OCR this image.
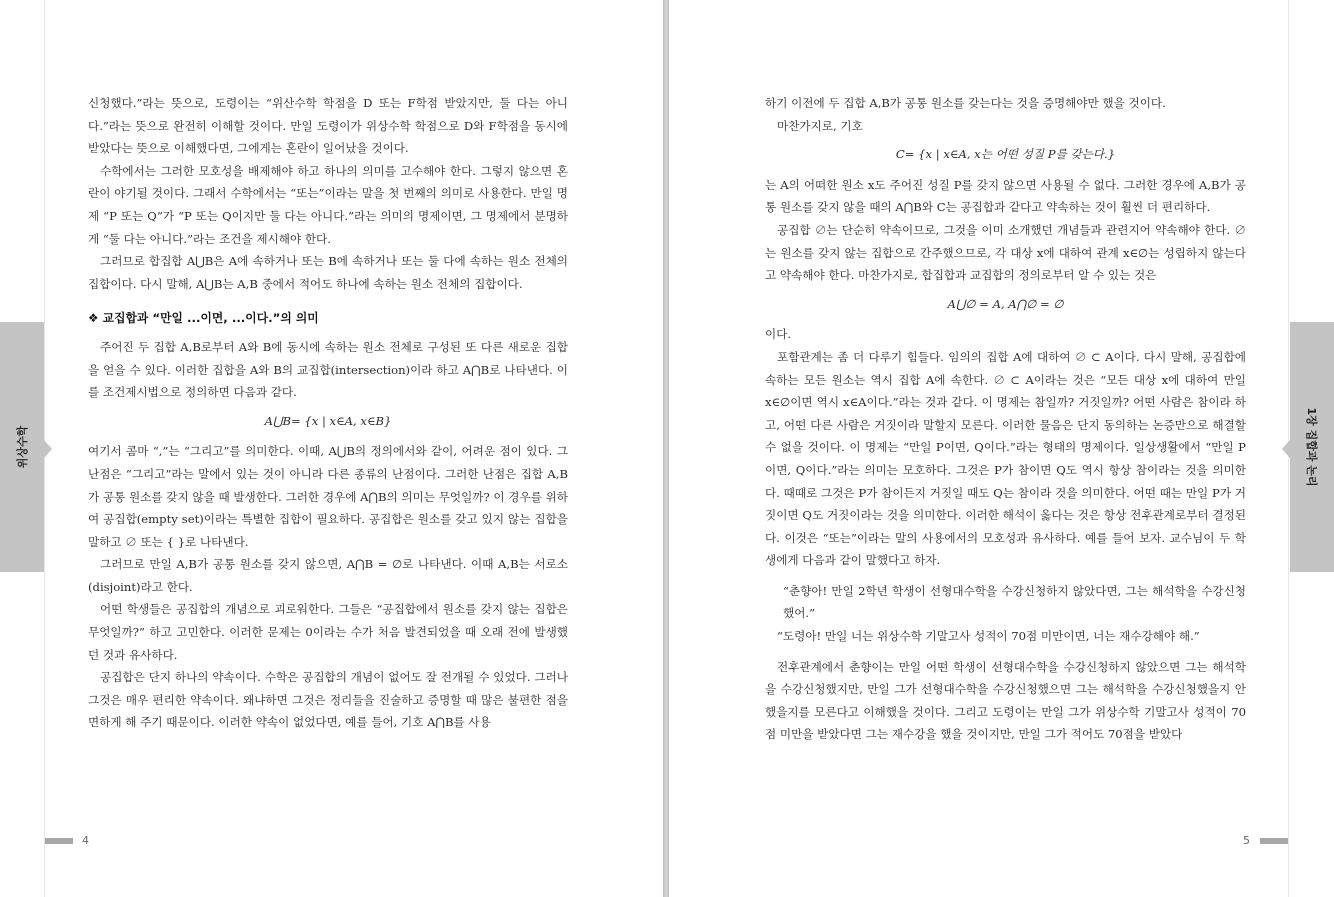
위상수학	1장 집합과 논리

신청했다.”라는 뜻으로, 도령이는 “위산수학 학점을 D 또는 F학점 받았지만, 둘 다는 아니다.”라는 뜻으로 완전히 이해할 것이다. 만일 도령이가 위상수학 학점으로 D와 F학점을 동시에 받았다는 뜻으로 이해했다면, 그에게는 혼란이 일어났을 것이다.

수학에서는 그러한 모호성을 배제해야 하고 하나의 의미를 고수해야 한다. 그렇지 않으면 혼란이 야기될 것이다. 그래서 수학에서는 “또는”이라는 말을 첫 번째의 의미로 사용한다. 만일 명제 “P 또는 Q”가 “P 또는 Q이지만 둘 다는 아니다.”라는 의미의 명제이면, 그 명제에서 분명하게 “둘 다는 아니다.”라는 조건을 제시해야 한다.

그러므로 합집합 A⋃B은 A에 속하거나 또는 B에 속하거나 또는 둘 다에 속하는 원소 전체의 집합이다. 다시 말해, A⋃B는 A,B 중에서 적어도 하나에 속하는 원소 전체의 집합이다.

❖ 교집합과 “만일 ...이면, ...이다.”의 의미

주어진 두 집합 A,B로부터 A와 B에 동시에 속하는 원소 전체로 구성된 또 다른 새로운 집합을 얻을 수 있다. 이러한 집합을 A와 B의 교집합(intersection)이라 하고 A⋂B로 나타낸다. 이를 조건제시법으로 정의하면 다음과 같다.

A⋃B= {x | x∈A, x∈B}

여기서 콤마 “,”는 “그리고”를 의미한다. 이때, A⋃B의 정의에서와 같이, 어려운 점이 있다. 그 난점은 “그리고”라는 말에서 있는 것이 아니라 다른 종류의 난점이다. 그러한 난점은 집합 A,B가 공통 원소를 갖지 않을 때 발생한다. 그러한 경우에 A⋂B의 의미는 무엇일까? 이 경우를 위하여 공집합(empty set)이라는 특별한 집합이 필요하다. 공집합은 원소를 갖고 있지 않는 집합을 말하고 ∅ 또는 { }로 나타낸다.

그러므로 만일 A,B가 공통 원소를 갖지 않으면, A⋂B = ∅로 나타낸다. 이때 A,B는 서로소(disjoint)라고 한다.

어떤 학생들은 공집합의 개념으로 괴로워한다. 그들은 “공집합에서 원소를 갖지 않는 집합은 무엇일까?” 하고 고민한다. 이러한 문제는 0이라는 수가 처음 발견되었을 때 오래 전에 발생했던 것과 유사하다.

공집합은 단지 하나의 약속이다. 수학은 공집합의 개념이 없어도 잘 전개될 수 있었다. 그러나 그것은 매우 편리한 약속이다. 왜냐하면 그것은 정리들을 진술하고 증명할 때 많은 불편한 점을 면하게 해 주기 때문이다. 이러한 약속이 없었다면, 예를 들어, 기호 A⋂B를 사용

하기 이전에 두 집합 A,B가 공통 원소를 갖는다는 것을 증명해야만 했을 것이다.

마찬가지로, 기호

C= {x | x∈A, x는 어떤 성질 P를 갖는다.}

는 A의 어떠한 원소 x도 주어진 성질 P를 갖지 않으면 사용될 수 없다. 그러한 경우에 A,B가 공통 원소를 갖지 않을 때의 A⋂B와 C는 공집합과 같다고 약속하는 것이 훨씬 더 편리하다.

공집합 ∅는 단순히 약속이므로, 그것을 이미 소개했던 개념들과 관련지어 약속해야 한다. ∅는 원소를 갖지 않는 집합으로 간주했으므로, 각 대상 x에 대하여 관계 x∈∅는 성립하지 않는다고 약속해야 한다. 마찬가지로, 합집합과 교집합의 정의로부터 알 수 있는 것은

A⋃∅ = A, A⋂∅ = ∅

이다.

포함관계는 좀 더 다루기 힘들다. 임의의 집합 A에 대하여 ∅ ⊂ A이다. 다시 말해, 공집합에 속하는 모든 원소는 역시 집합 A에 속한다. ∅ ⊂ A이라는 것은 “모든 대상 x에 대하여 만일 x∈∅이면 역시 x∈A이다.”라는 것과 같다. 이 명제는 참일까? 거짓일까? 어떤 사람은 참이라 하고, 어떤 다른 사람은 거짓이라 말할지 모른다. 이러한 물음은 단지 동의하는 논증만으로 해결할 수 없을 것이다. 이 명제는 “만일 P이면, Q이다.”라는 형태의 명제이다. 일상생활에서 “만일 P이면, Q이다.”라는 의미는 모호하다. 그것은 P가 참이면 Q도 역시 항상 참이라는 것을 의미한다. 때때로 그것은 P가 참이든지 거짓일 때도 Q는 참이라 것을 의미한다. 어떤 때는 만일 P가 거짓이면 Q도 거짓이라는 것을 의미한다. 이러한 해석이 옳다는 것은 항상 전후관계로부터 결정된다. 이것은 “또는”이라는 말의 사용에서의 모호성과 유사하다. 예를 들어 보자. 교수님이 두 학생에게 다음과 같이 말했다고 하자.

“춘향아! 만일 2학년 학생이 선형대수학을 수강신청하지 않았다면, 그는 해석학을 수강신청했어.”

“도령아! 만일 너는 위상수학 기말고사 성적이 70점 미만이면, 너는 재수강해야 해.”

전후관계에서 춘향이는 만일 어떤 학생이 선형대수학을 수강신청하지 않았으면 그는 해석학을 수강신청했지만, 만일 그가 선형대수학을 수강신청했으면 그는 해석학을 수강신청했을지 안 했을지를 모른다고 이해했을 것이다. 그리고 도령이는 만일 그가 위상수학 기말고사 성적이 70점 미만을 받았다면 그는 재수강을 했을 것이지만, 만일 그가 적어도 70점을 받았다

4	5
